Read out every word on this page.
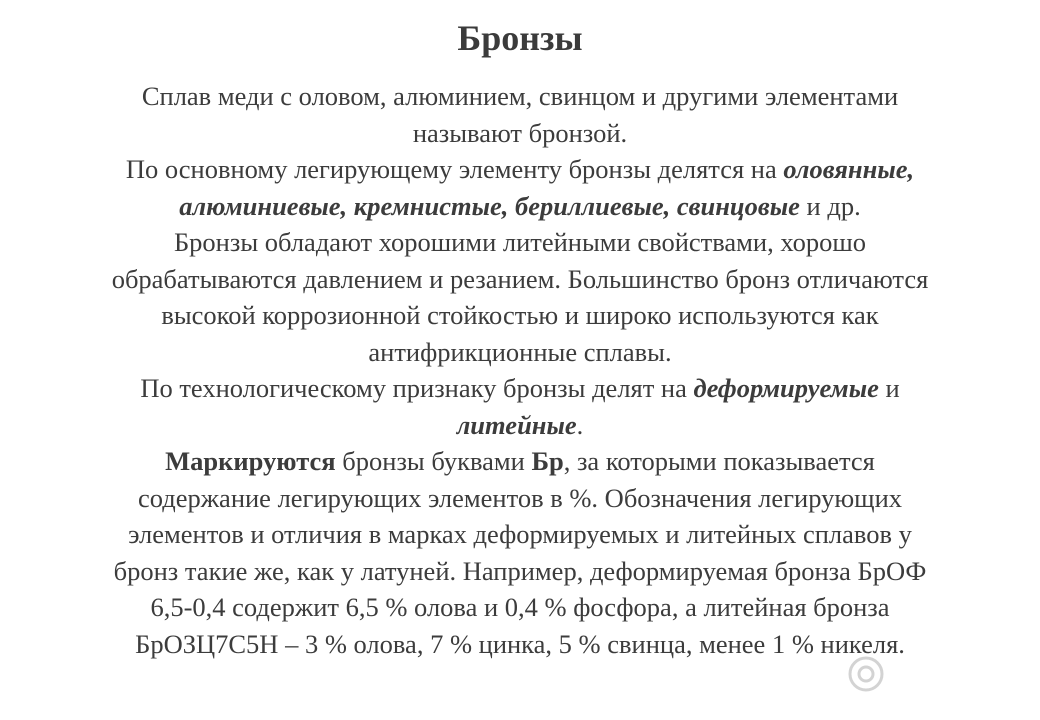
Бронзы
Сплав меди с оловом, алюминием, свинцом и другими элементами
называют бронзой.
По основному легирующему элементу бронзы делятся на оловянные,
алюминиевые, кремнистые, бериллиевые, свинцовые и др.
Бронзы обладают хорошими литейными свойствами, хорошо
обрабатываются давлением и резанием. Большинство бронз отличаются
высокой коррозионной стойкостью и широко используются как
антифрикционные сплавы.
По технологическому признаку бронзы делят на деформируемые и
литейные.
Маркируются бронзы буквами Бр, за которыми показывается
содержание легирующих элементов в %. Обозначения легирующих
элементов и отличия в марках деформируемых и литейных сплавов у
бронз такие же, как у латуней. Например, деформируемая бронза БрОФ
6,5-0,4 содержит 6,5 % олова и 0,4 % фосфора, а литейная бронза
БрОЗЦ7С5Н – 3 % олова, 7 % цинка, 5 % свинца, менее 1 % никеля.
